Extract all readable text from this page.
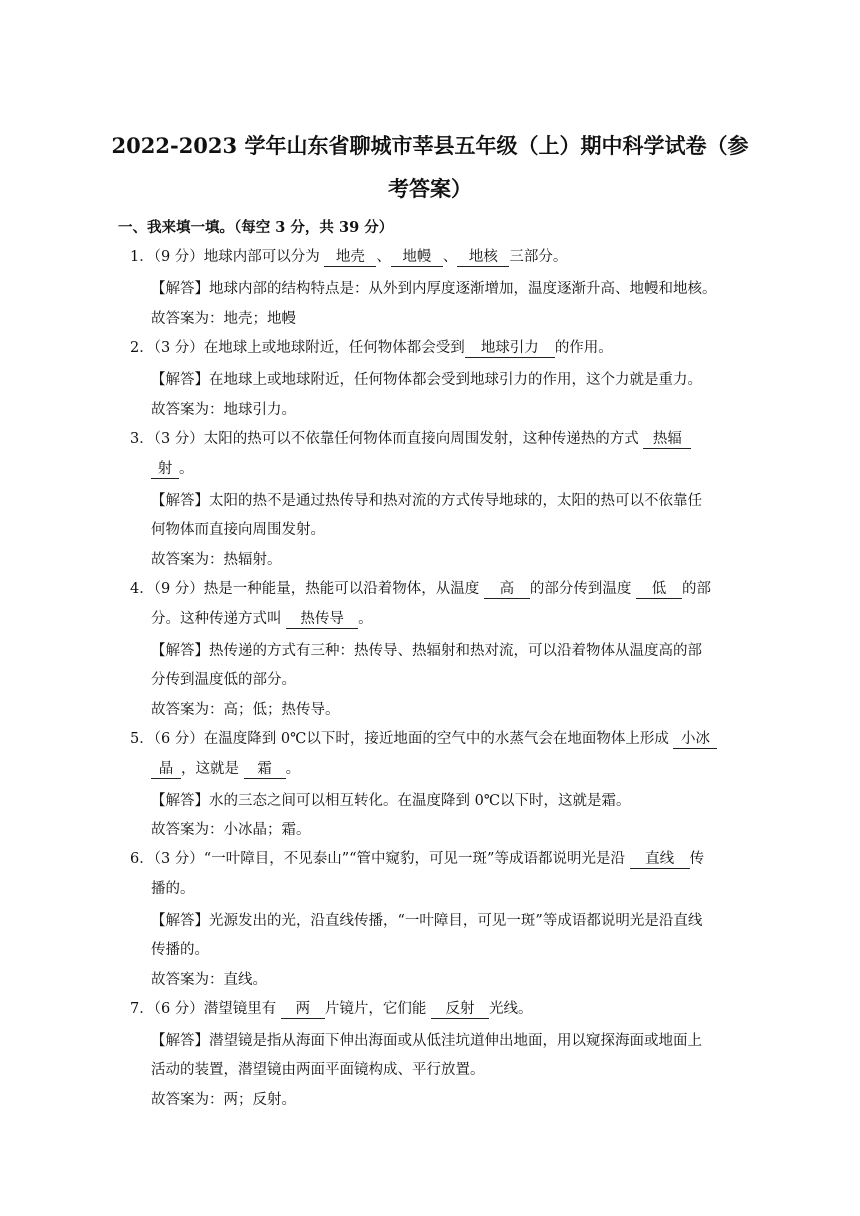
2022-2023 学年山东省聊城市莘县五年级（上）期中科学试卷（参
考答案）
一、我来填一填。（每空 3 分，共 39 分）
1．（9 分）地球内部可以分为 地壳 、 地幔 、 地核 三部分。
【解答】地球内部的结构特点是：从外到内厚度逐渐增加，温度逐渐升高、地幔和地核。
故答案为：地壳；地幔
2．（3 分）在地球上或地球附近，任何物体都会受到 地球引力 的作用。
【解答】在地球上或地球附近，任何物体都会受到地球引力的作用，这个力就是重力。
故答案为：地球引力。
3．（3 分）太阳的热可以不依靠任何物体而直接向周围发射，这种传递热的方式 热辐
射 。
【解答】太阳的热不是通过热传导和热对流的方式传导地球的，太阳的热可以不依靠任
何物体而直接向周围发射。
故答案为：热辐射。
4．（9 分）热是一种能量，热能可以沿着物体，从温度 高 的部分传到温度 低 的部
分。这种传递方式叫 热传导 。
【解答】热传递的方式有三种：热传导、热辐射和热对流，可以沿着物体从温度高的部
分传到温度低的部分。
故答案为：高；低；热传导。
5．（6 分）在温度降到 0℃以下时，接近地面的空气中的水蒸气会在地面物体上形成 小冰
晶 ，这就是 霜 。
【解答】水的三态之间可以相互转化。在温度降到 0℃以下时，这就是霜。
故答案为：小冰晶；霜。
6．（3 分）“一叶障目，不见泰山”“管中窥豹，可见一斑”等成语都说明光是沿 直线 传
播的。
【解答】光源发出的光，沿直线传播，“一叶障目，可见一斑”等成语都说明光是沿直线
传播的。
故答案为：直线。
7．（6 分）潜望镜里有 两 片镜片，它们能 反射 光线。
【解答】潜望镜是指从海面下伸出海面或从低洼坑道伸出地面，用以窥探海面或地面上
活动的装置，潜望镜由两面平面镜构成、平行放置。
故答案为：两；反射。
